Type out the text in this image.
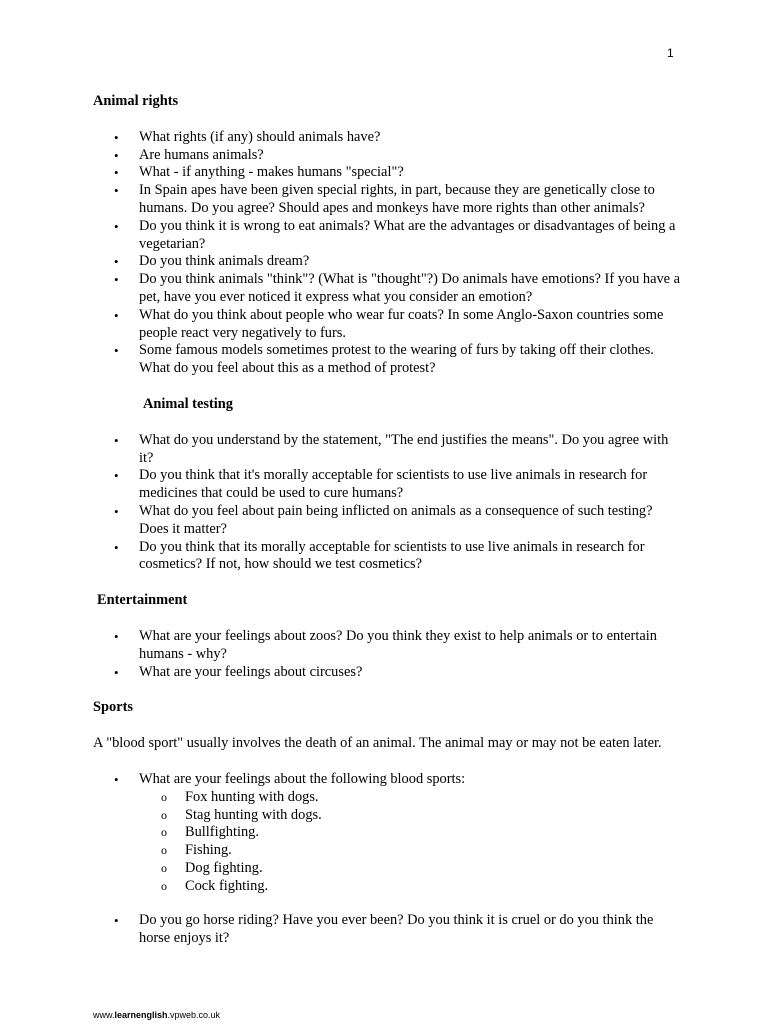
1
Animal rights
• What rights (if any) should animals have?
• Are humans animals?
• What - if anything - makes humans "special"?
• In Spain apes have been given special rights, in part, because they are genetically close to humans. Do you agree? Should apes and monkeys have more rights than other animals?
• Do you think it is wrong to eat animals? What are the advantages or disadvantages of being a vegetarian?
• Do you think animals dream?
• Do you think animals "think"? (What is "thought"?) Do animals have emotions? If you have a pet, have you ever noticed it express what you consider an emotion?
• What do you think about people who wear fur coats? In some Anglo-Saxon countries some people react very negatively to furs.
• Some famous models sometimes protest to the wearing of furs by taking off their clothes. What do you feel about this as a method of protest?
Animal testing
• What do you understand by the statement, "The end justifies the means". Do you agree with it?
• Do you think that it's morally acceptable for scientists to use live animals in research for medicines that could be used to cure humans?
• What do you feel about pain being inflicted on animals as a consequence of such testing? Does it matter?
• Do you think that its morally acceptable for scientists to use live animals in research for cosmetics? If not, how should we test cosmetics?
Entertainment
• What are your feelings about zoos? Do you think they exist to help animals or to entertain humans - why?
• What are your feelings about circuses?
Sports

A "blood sport" usually involves the death of an animal. The animal may or may not be eaten later.

• What are your feelings about the following blood sports:
o Fox hunting with dogs.
o Stag hunting with dogs.
o Bullfighting.
o Fishing.
o Dog fighting.
o Cock fighting.
• Do you go horse riding? Have you ever been? Do you think it is cruel or do you think the horse enjoys it?
www.learnenglish.vpweb.co.uk
